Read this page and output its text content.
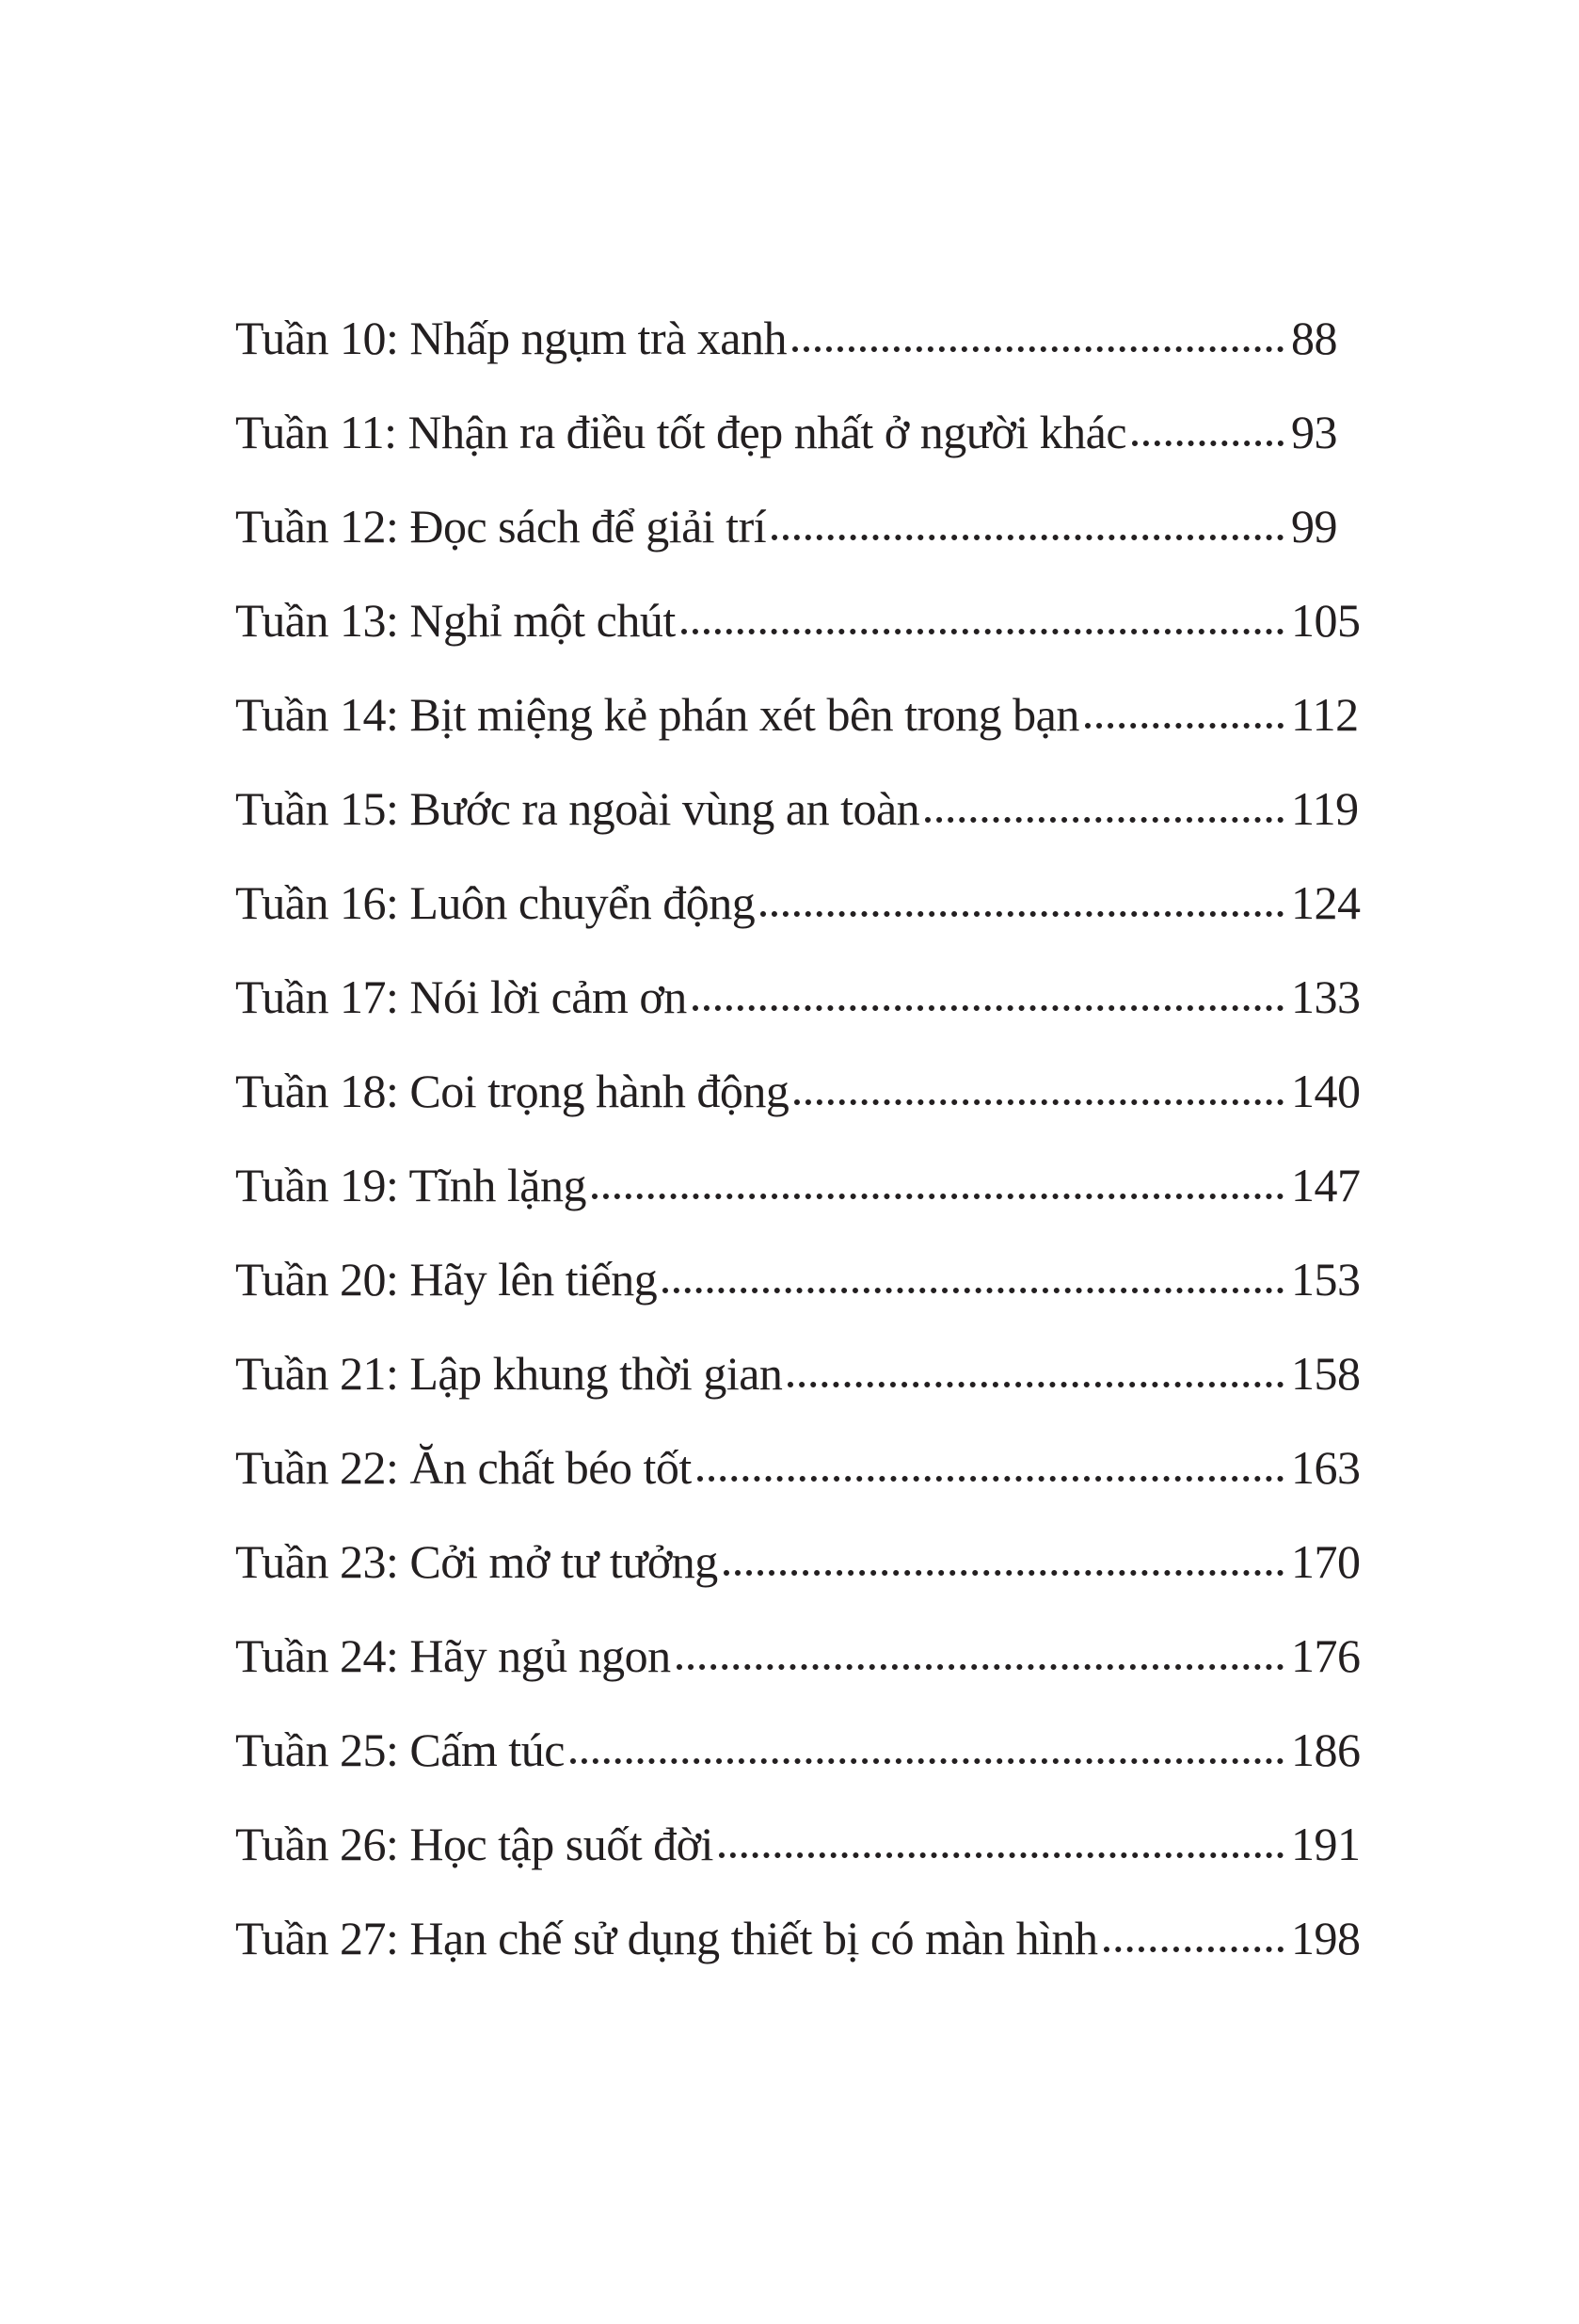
Tuần 10: Nhấp ngụm trà xanh	88
Tuần 11: Nhận ra điều tốt đẹp nhất ở người khác	93
Tuần 12: Đọc sách để giải trí	99
Tuần 13: Nghỉ một chút	105
Tuần 14: Bịt miệng kẻ phán xét bên trong bạn	112
Tuần 15: Bước ra ngoài vùng an toàn	119
Tuần 16: Luôn chuyển động	124
Tuần 17: Nói lời cảm ơn	133
Tuần 18: Coi trọng hành động	140
Tuần 19: Tĩnh lặng	147
Tuần 20: Hãy lên tiếng	153
Tuần 21: Lập khung thời gian	158
Tuần 22: Ăn chất béo tốt	163
Tuần 23: Cởi mở tư tưởng	170
Tuần 24: Hãy ngủ ngon	176
Tuần 25: Cấm túc	186
Tuần 26: Học tập suốt đời	191
Tuần 27: Hạn chế sử dụng thiết bị có màn hình	198
